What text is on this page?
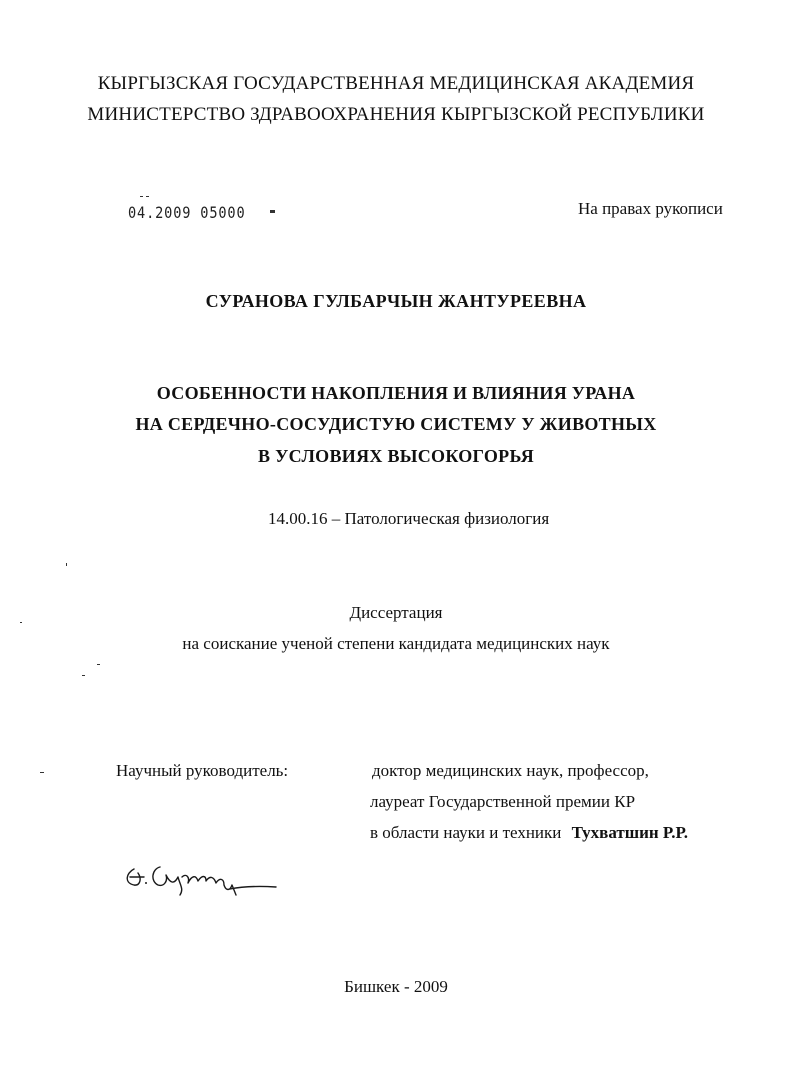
КЫРГЫЗСКАЯ ГОСУДАРСТВЕННАЯ МЕДИЦИНСКАЯ АКАДЕМИЯ
МИНИСТЕРСТВО ЗДРАВООХРАНЕНИЯ КЫРГЫЗСКОЙ РЕСПУБЛИКИ
04.2009 05000	На правах рукописи
СУРАНОВА ГУЛБАРЧЫН ЖАНТУРЕЕВНА
ОСОБЕННОСТИ НАКОПЛЕНИЯ И ВЛИЯНИЯ УРАНА
НА СЕРДЕЧНО-СОСУДИСТУЮ СИСТЕМУ У ЖИВОТНЫХ
В УСЛОВИЯХ ВЫСОКОГОРЬЯ
14.00.16 – Патологическая физиология
Диссертация
на соискание ученой степени кандидата медицинских наук
Научный руководитель:	доктор медицинских наук, профессор,
лауреат Государственной премии КР
в области науки и техники Тухватшин Р.Р.
Бишкек - 2009
